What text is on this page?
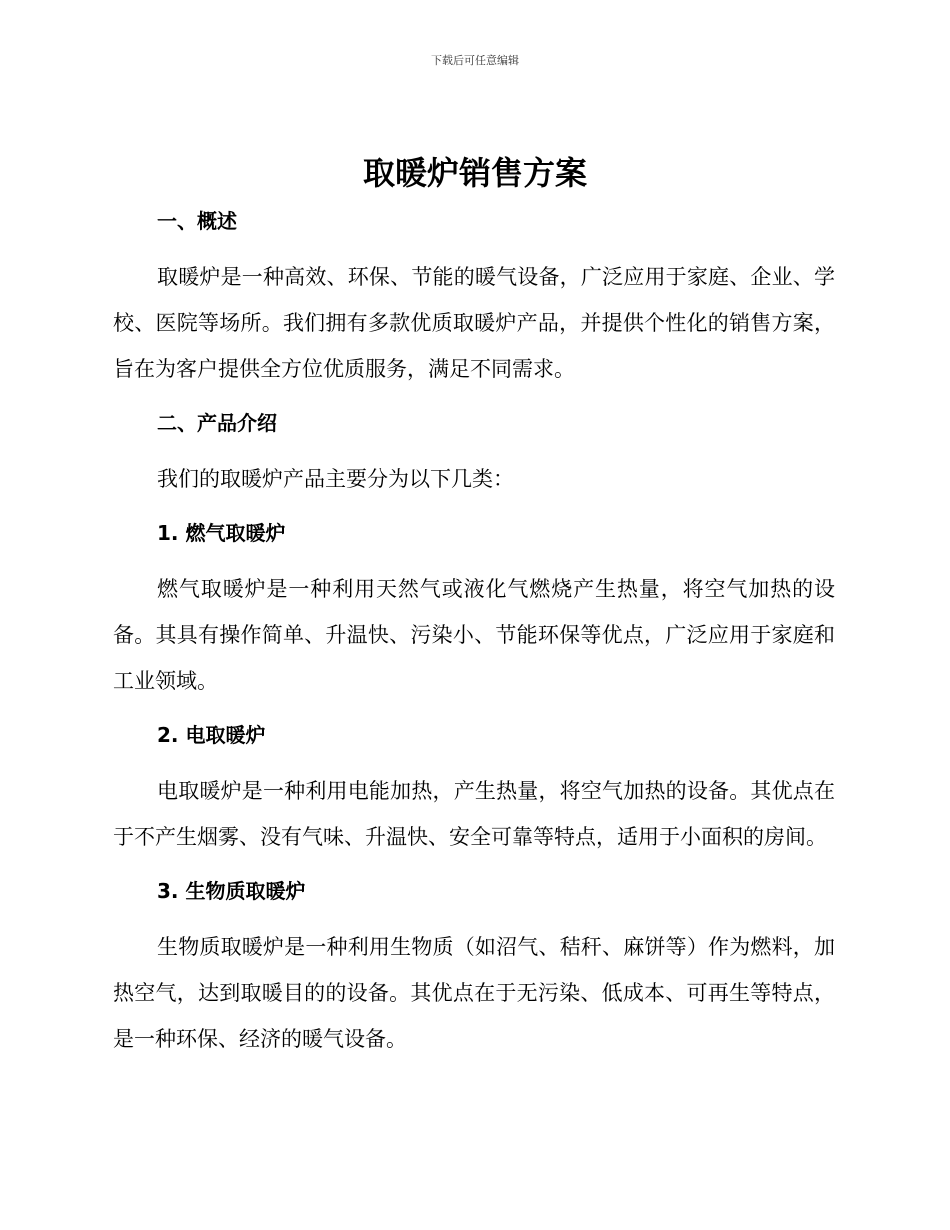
下载后可任意编辑
取暖炉销售方案
一、概述

取暖炉是一种高效、环保、节能的暖气设备，广泛应用于家庭、企业、学校、医院等场所。我们拥有多款优质取暖炉产品，并提供个性化的销售方案，旨在为客户提供全方位优质服务，满足不同需求。

二、产品介绍

我们的取暖炉产品主要分为以下几类：

1. 燃气取暖炉

燃气取暖炉是一种利用天然气或液化气燃烧产生热量，将空气加热的设备。其具有操作简单、升温快、污染小、节能环保等优点，广泛应用于家庭和工业领域。

2. 电取暖炉

电取暖炉是一种利用电能加热，产生热量，将空气加热的设备。其优点在于不产生烟雾、没有气味、升温快、安全可靠等特点，适用于小面积的房间。

3. 生物质取暖炉

生物质取暖炉是一种利用生物质（如沼气、秸秆、麻饼等）作为燃料，加热空气，达到取暖目的的设备。其优点在于无污染、低成本、可再生等特点，是一种环保、经济的暖气设备。
